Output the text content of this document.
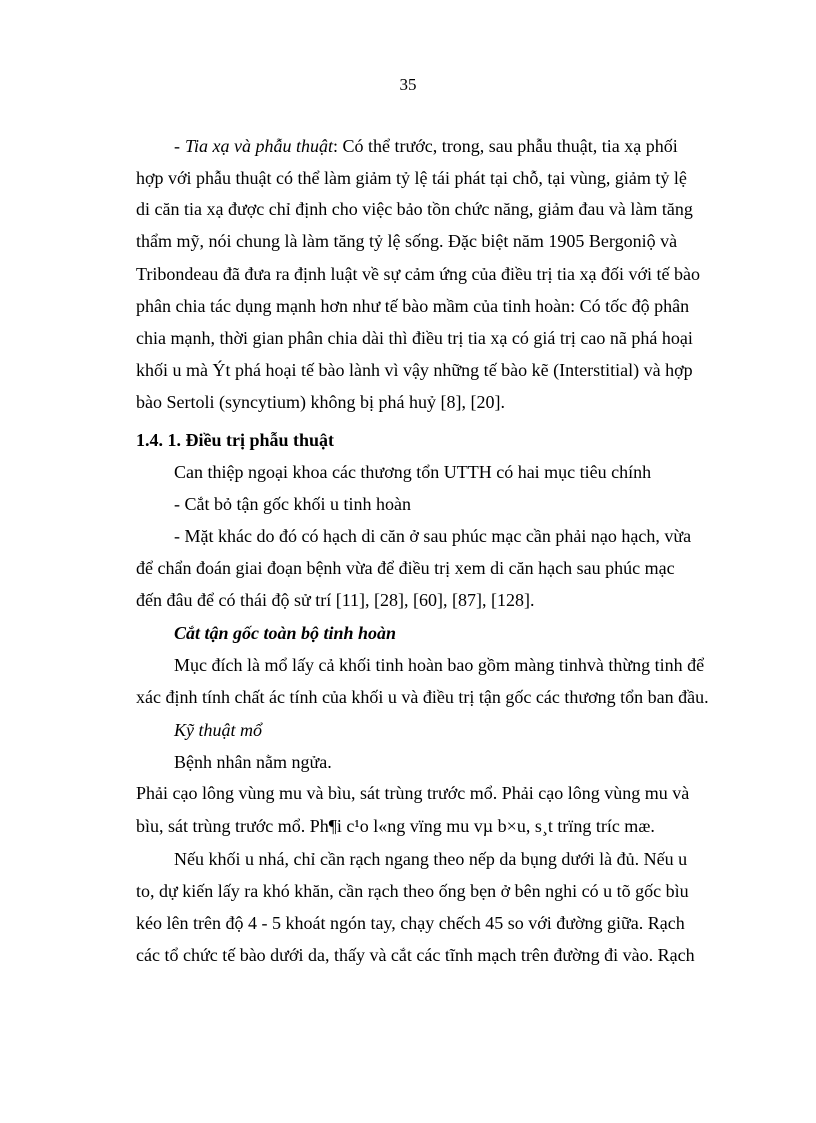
35
- Tia xạ và phẫu thuật: Có thể trước, trong, sau phẫu thuật, tia xạ phối
hợp với phẫu thuật có thể làm giảm tỷ lệ tái phát tại chỗ, tại vùng, giảm tỷ lệ
di căn tia xạ được chỉ định cho việc bảo tồn chức năng, giảm đau và làm tăng
thẩm mỹ, nói chung là làm tăng tỷ lệ sống. Đặc biệt năm 1905 Bergoniộ và
Tribondeau đã đưa ra định luật về sự cảm ứng của điều trị tia xạ đối với tế bào
phân chia tác dụng mạnh hơn như tế bào mầm của tinh hoàn: Có tốc độ phân
chia mạnh, thời gian phân chia dài thì điều trị tia xạ có giá trị cao nã phá hoại
khối u mà Ýt phá hoại tế bào lành vì vậy những tế bào kẽ (Interstitial) và hợp
bào Sertoli (syncytium) không bị phá huỷ [8], [20].
1.4. 1. Điều trị phẫu thuật
Can thiệp ngoại khoa các thương tổn UTTH có hai mục tiêu chính
- Cắt bỏ tận gốc khối u tinh hoàn
- Mặt khác do đó có hạch di căn ở sau phúc mạc cần phải nạo hạch, vừa
để chẩn đoán giai đoạn bệnh vừa để điều trị xem di căn hạch sau phúc mạc
đến đâu để có thái độ sử trí [11], [28], [60], [87], [128].
Cắt tận gốc toàn bộ tinh hoàn
Mục đích là mổ lấy cả khối tinh hoàn bao gồm màng tinhvà thừng tinh để
xác định tính chất ác tính của khối u và điều trị tận gốc các thương tổn ban đầu.
Kỹ thuật mổ
Bệnh nhân nằm ngửa.
Phải cạo lông vùng mu và bìu, sát trùng trước mổ. Phải cạo lông vùng mu và
bìu, sát trùng trước mổ. Ph¶i c¹o l«ng vïng mu vµ b×u, s¸t trïng tríc mæ.
Nếu khối u nhá, chỉ cần rạch ngang theo nếp da bụng dưới là đủ. Nếu u
to, dự kiến lấy ra khó khăn, cần rạch theo ống bẹn ở bên nghi có u tõ gốc bìu
kéo lên trên độ 4 - 5 khoát ngón tay, chạy chếch 45 so với đường giữa. Rạch
các tổ chức tế bào dưới da, thấy và cắt các tĩnh mạch trên đường đi vào. Rạch
